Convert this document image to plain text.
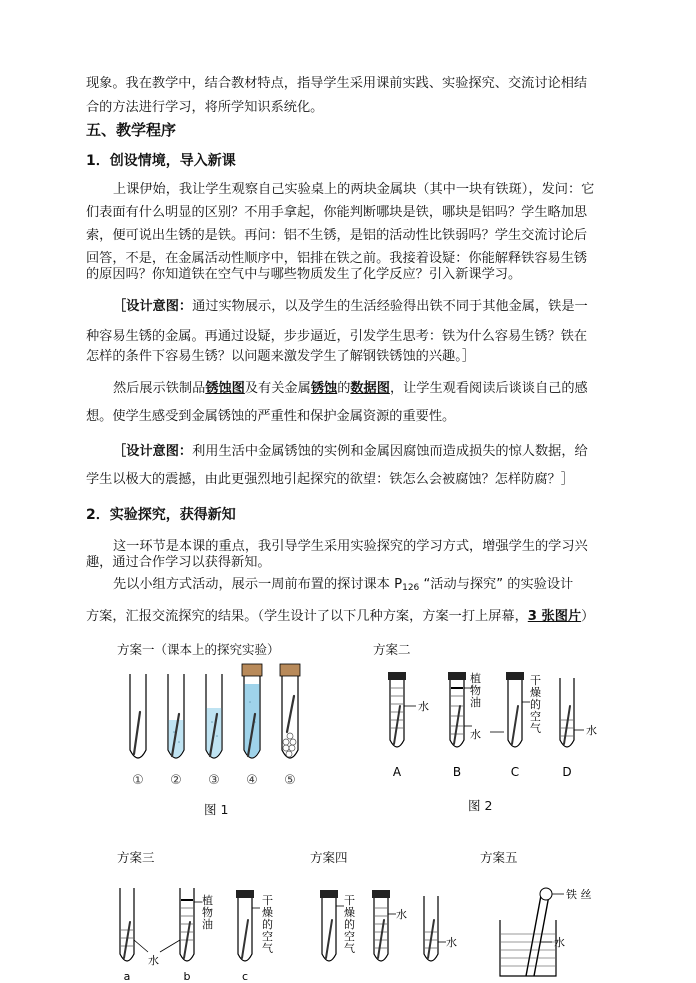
现象。我在教学中，结合教材特点，指导学生采用课前实践、实验探究、交流讨论相结
合的方法进行学习，将所学知识系统化。
五、教学程序
1．创设情境，导入新课
上课伊始，我让学生观察自己实验桌上的两块金属块（其中一块有铁斑），发问：它
们表面有什么明显的区别？不用手拿起，你能判断哪块是铁，哪块是铝吗？学生略加思
索，便可说出生锈的是铁。再问：铝不生锈，是铝的活动性比铁弱吗？学生交流讨论后
回答，不是，在金属活动性顺序中，铝排在铁之前。我接着设疑：你能解释铁容易生锈
的原因吗？你知道铁在空气中与哪些物质发生了化学反应？引入新课学习。
［设计意图：通过实物展示，以及学生的生活经验得出铁不同于其他金属，铁是一
种容易生锈的金属。再通过设疑，步步逼近，引发学生思考：铁为什么容易生锈？铁在
怎样的条件下容易生锈？以问题来激发学生了解钢铁锈蚀的兴趣。］
然后展示铁制品锈蚀图及有关金属锈蚀的数据图，让学生观看阅读后谈谈自己的感
想。使学生感受到金属锈蚀的严重性和保护金属资源的重要性。
［设计意图：利用生活中金属锈蚀的实例和金属因腐蚀而造成损失的惊人数据，给
学生以极大的震撼，由此更强烈地引起探究的欲望：铁怎么会被腐蚀？怎样防腐？］
2．实验探究，获得新知
这一环节是本课的重点，我引导学生采用实验探究的学习方式，增强学生的学习兴
趣，通过合作学习以获得新知。
先以小组方式活动，展示一周前布置的探讨课本 $P_{126}$ “活动与探究” 的实验设计
方案，汇报交流探究的结果。（学生设计了以下几种方案，方案一打上屏幕，3 张图片）
方案一（课本上的探究实验）	方案二
图 1	图 2
方案三	方案四	方案五
① ② ③ ④ ⑤
水
植
物
油
水
干
燥
的
空
气	水
A	B	C	D
水
植
物
油
干
燥
的
空
气
a	b	c
干
燥
的
空
气
水
水
铁 丝
水
